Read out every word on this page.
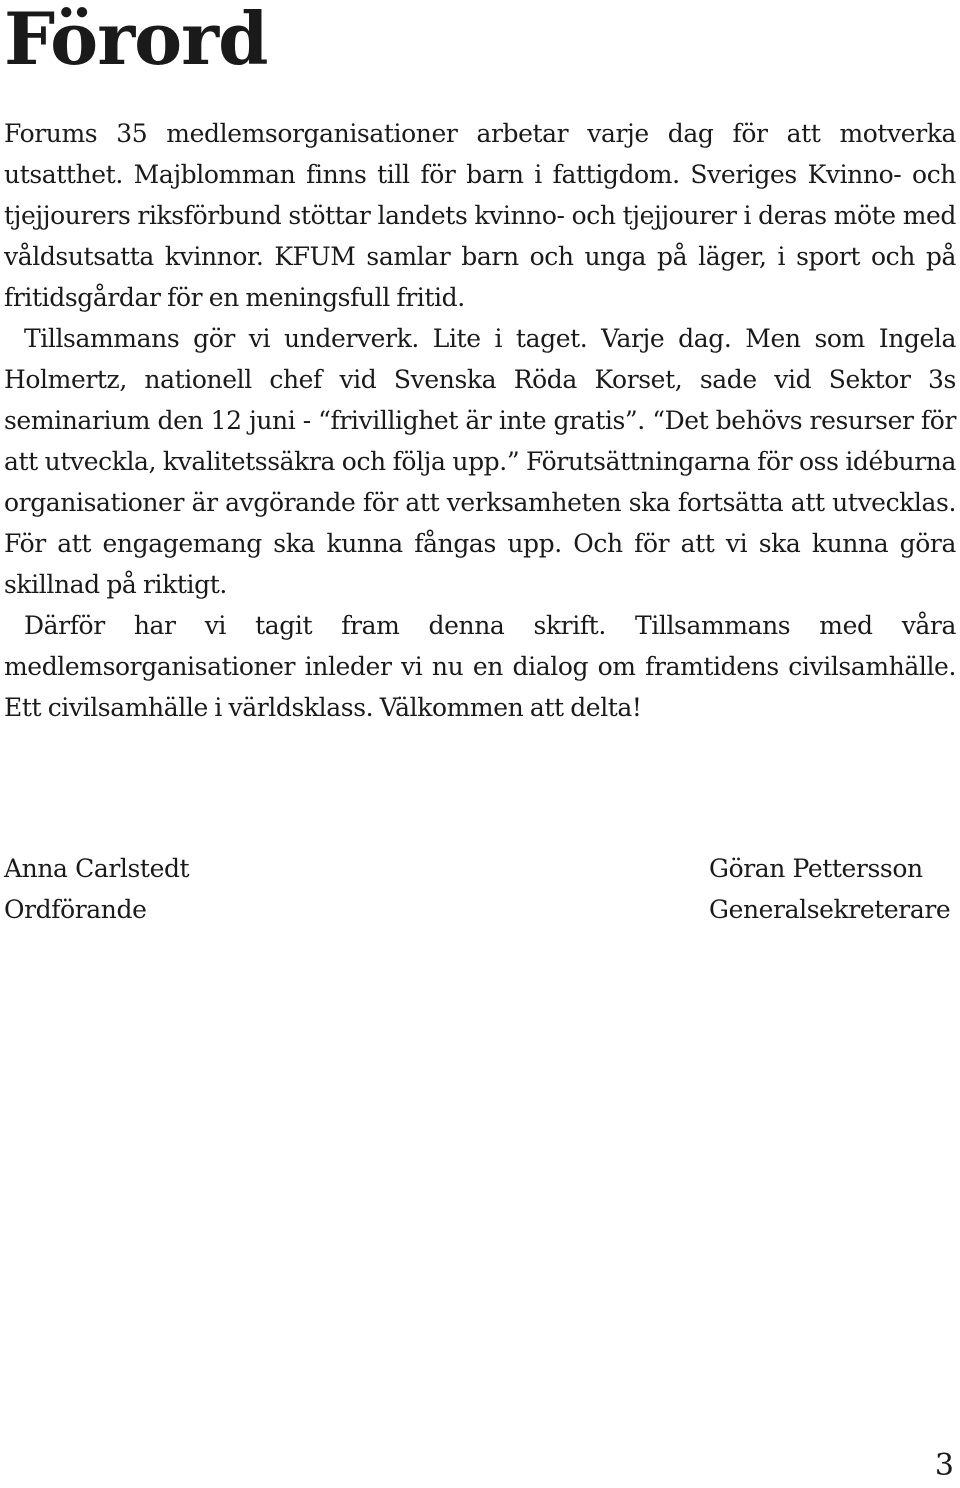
Förord

Forums 35 medlemsorganisationer arbetar varje dag för att motverka utsatthet. Majblomman finns till för barn i fattigdom. Sveriges Kvinno- och tjejjourers riksförbund stöttar landets kvinno- och tjejjourer i deras möte med våldsutsatta kvinnor. KFUM samlar barn och unga på läger, i sport och på fritidsgårdar för en meningsfull fritid.

Tillsammans gör vi underverk. Lite i taget. Varje dag. Men som Ingela Holmertz, nationell chef vid Svenska Röda Korset, sade vid Sektor 3s seminarium den 12 juni - “frivillighet är inte gratis”. “Det behövs resurser för att utveckla, kvalitetssäkra och följa upp.” Förutsättningarna för oss idéburna organisationer är avgörande för att verksamheten ska fortsätta att utvecklas. För att engagemang ska kunna fångas upp. Och för att vi ska kunna göra skillnad på riktigt.

Därför har vi tagit fram denna skrift. Tillsammans med våra medlemsorganisationer inleder vi nu en dialog om framtidens civilsamhälle. Ett civilsamhälle i världsklass. Välkommen att delta!

Anna Carlstedt
Ordförande
Göran Pettersson
Generalsekreterare
3
